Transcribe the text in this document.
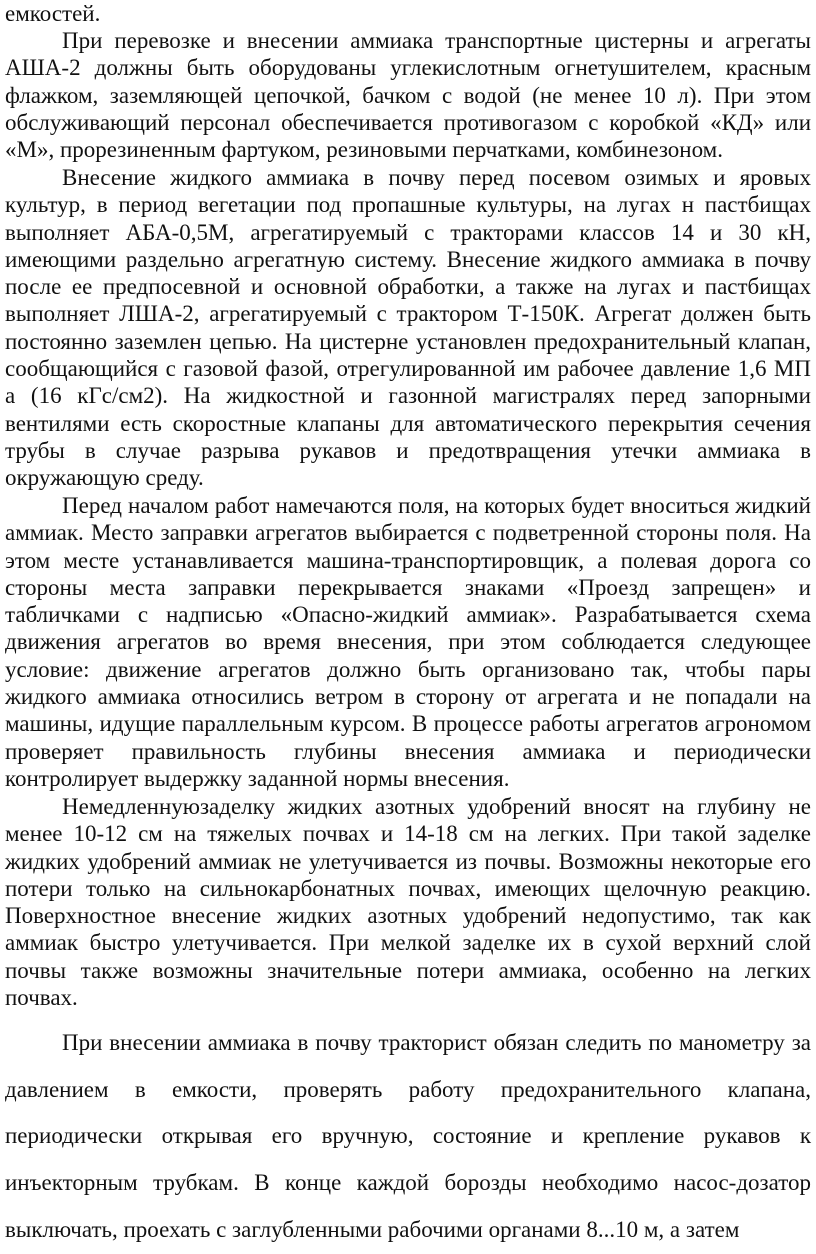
емкостей.

При перевозке и внесении аммиака транспортные цистерны и агрегаты АША-2 должны быть оборудованы углекислотным огнетушителем, красным флажком, заземляющей цепочкой, бачком с водой (не менее 10 л). При этом обслуживающий персонал обеспечивается противогазом с коробкой «КД» или «М», прорезиненным фартуком, резиновыми перчатками, комбинезоном.

Внесение жидкого аммиака в почву перед посевом озимых и яровых культур, в период вегетации под пропашные культуры, на лугах н пастбищах выполняет АБА-0,5М, агрегатируемый с тракторами классов 14 и 30 кН, имеющими раздельно агрегатную систему. Внесение жидкого аммиака в почву после ее предпосевной и основной обработки, а также на лугах и пастбищах выполняет ЛША-2, агрегатируемый с трактором Т-150К. Агрегат должен быть постоянно заземлен цепью. На цистерне установлен предохранительный клапан, сообщающийся с газовой фазой, отрегулированной им рабочее давление 1,6 МП а (16 кГс/см2). На жидкостной и газонной магистралях перед запорными вентилями есть скоростные клапаны для автоматического перекрытия сечения трубы в случае разрыва рукавов и предотвращения утечки аммиака в окружающую среду.

Перед началом работ намечаются поля, на которых будет вноситься жидкий аммиак. Место заправки агрегатов выбирается с подветренной стороны поля. На этом месте устанавливается машина-транспортировщик, а полевая дорога со стороны места заправки перекрывается знаками «Проезд запрещен» и табличками с надписью «Опасно-жидкий аммиак». Разрабатывается схема движения агрегатов во время внесения, при этом соблюдается следующее условие: движение агрегатов должно быть организовано так, чтобы пары жидкого аммиака относились ветром в сторону от агрегата и не попадали на машины, идущие параллельным курсом. В процессе работы агрегатов агрономом проверяет правильность глубины внесения аммиака и периодически контролирует выдержку заданной нормы внесения.

Немедленнуюзаделку жидких азотных удобрений вносят на глубину не менее 10-12 см на тяжелых почвах и 14-18 см на легких. При такой заделке жидких удобрений аммиак не улетучивается из почвы. Возможны некоторые его потери только на сильнокарбонатных почвах, имеющих щелочную реакцию. Поверхностное внесение жидких азотных удобрений недопустимо, так как аммиак быстро улетучивается. При мелкой заделке их в сухой верхний слой почвы также возможны значительные потери аммиака, особенно на легких почвах.

При внесении аммиака в почву тракторист обязан следить по манометру за давлением в емкости, проверять работу предохранительного клапана, периодически открывая его вручную, состояние и крепление рукавов к инъекторным трубкам. В конце каждой борозды необходимо насос-дозатор выключать, проехать с заглубленными рабочими органами 8...10 м, а затем
